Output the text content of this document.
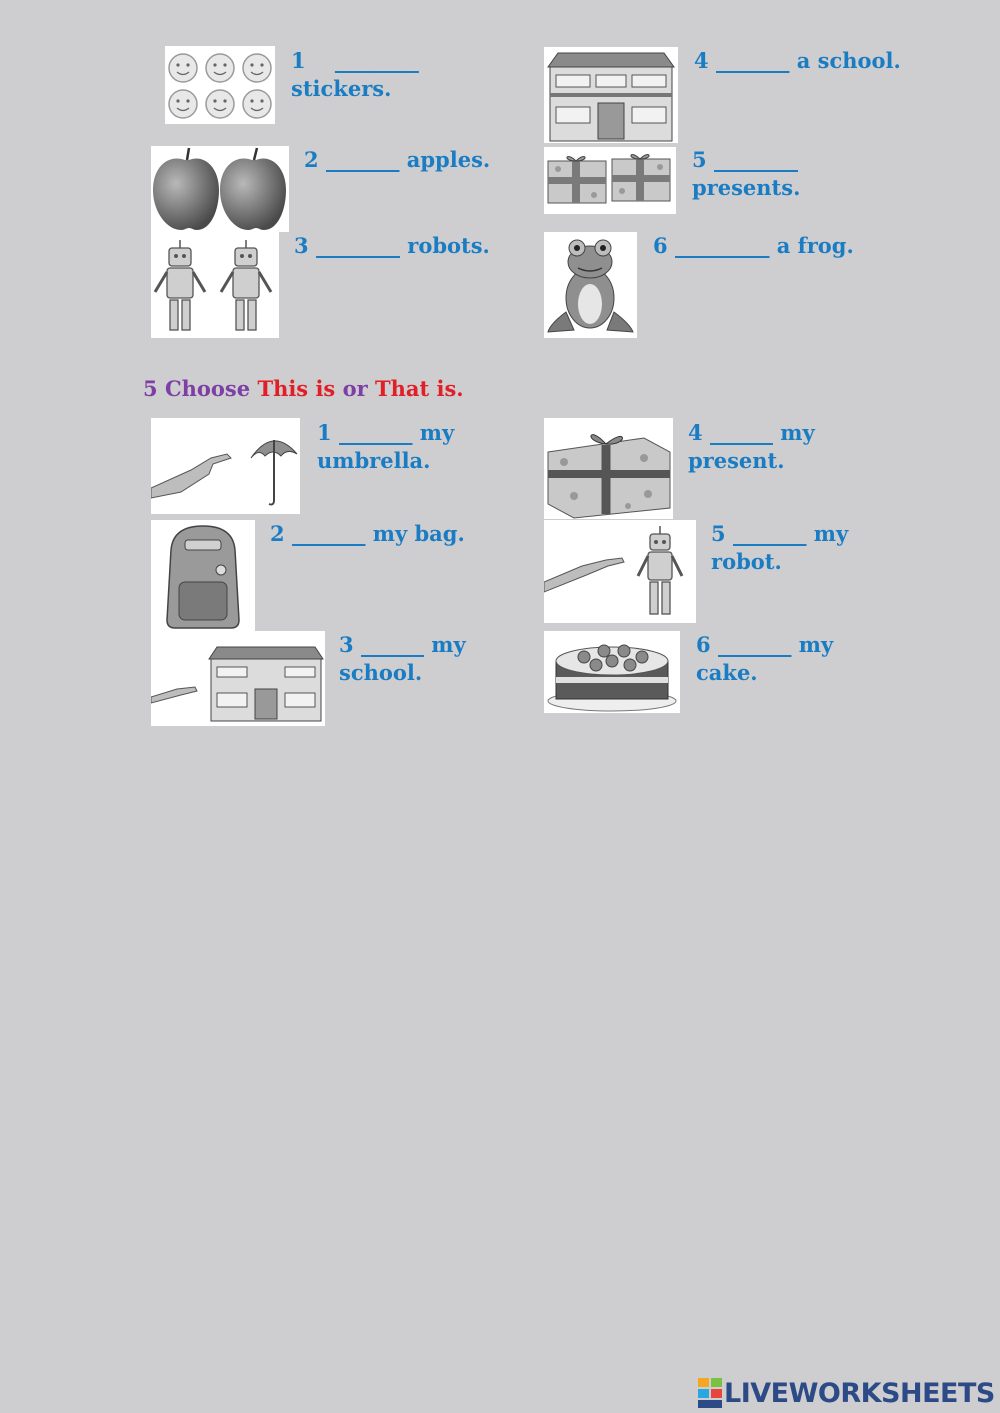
1 ________
stickers.
2 _______ apples.
3 ________ robots.
4 _______ a school.
5 ________
presents.
6 _________ a frog.
5 Choose This is or That is.
1 _______ my
umbrella.
2 _______ my bag.
3 ______ my
school.
4 ______ my
present.
5 _______ my
robot.
6 _______ my
cake.
LIVEWORKSHEETS
